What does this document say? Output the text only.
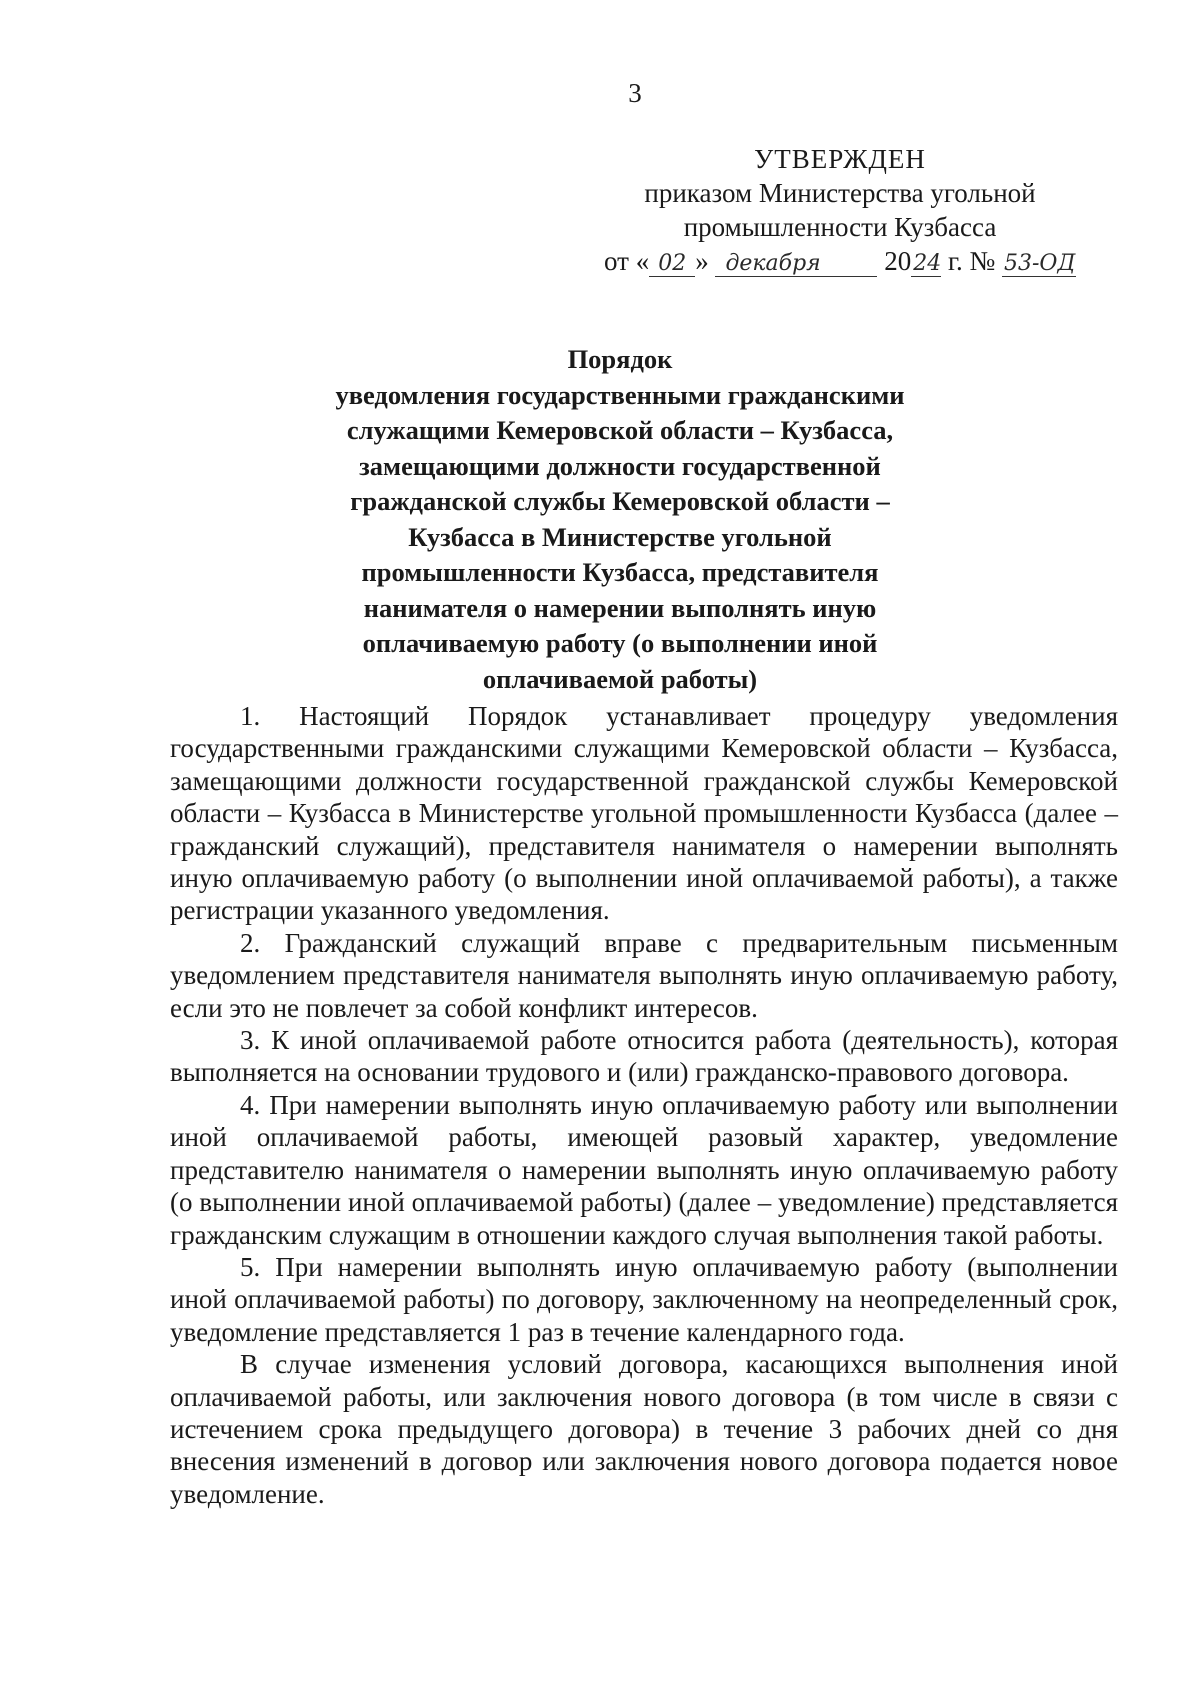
3
УТВЕРЖДЕН
приказом Министерства угольной
промышленности Кузбасса
от « 02 » декабря 2024 г. № 53-ОД
Порядок
уведомления государственными гражданскими
служащими Кемеровской области – Кузбасса,
замещающими должности государственной
гражданской службы Кемеровской области –
Кузбасса в Министерстве угольной
промышленности Кузбасса, представителя
нанимателя о намерении выполнять иную
оплачиваемую работу (о выполнении иной
оплачиваемой работы)

1. Настоящий Порядок устанавливает процедуру уведомления государственными гражданскими служащими Кемеровской области – Кузбасса, замещающими должности государственной гражданской службы Кемеровской области – Кузбасса в Министерстве угольной промышленности Кузбасса (далее – гражданский служащий), представителя нанимателя о намерении выполнять иную оплачиваемую работу (о выполнении иной оплачиваемой работы), а также регистрации указанного уведомления.

2. Гражданский служащий вправе с предварительным письменным уведомлением представителя нанимателя выполнять иную оплачиваемую работу, если это не повлечет за собой конфликт интересов.

3. К иной оплачиваемой работе относится работа (деятельность), которая выполняется на основании трудового и (или) гражданско-правового договора.

4. При намерении выполнять иную оплачиваемую работу или выполнении иной оплачиваемой работы, имеющей разовый характер, уведомление представителю нанимателя о намерении выполнять иную оплачиваемую работу (о выполнении иной оплачиваемой работы) (далее – уведомление) представляется гражданским служащим в отношении каждого случая выполнения такой работы.

5. При намерении выполнять иную оплачиваемую работу (выполнении иной оплачиваемой работы) по договору, заключенному на неопределенный срок, уведомление представляется 1 раз в течение календарного года.

В случае изменения условий договора, касающихся выполнения иной оплачиваемой работы, или заключения нового договора (в том числе в связи с истечением срока предыдущего договора) в течение 3 рабочих дней со дня внесения изменений в договор или заключения нового договора подается новое уведомление.
